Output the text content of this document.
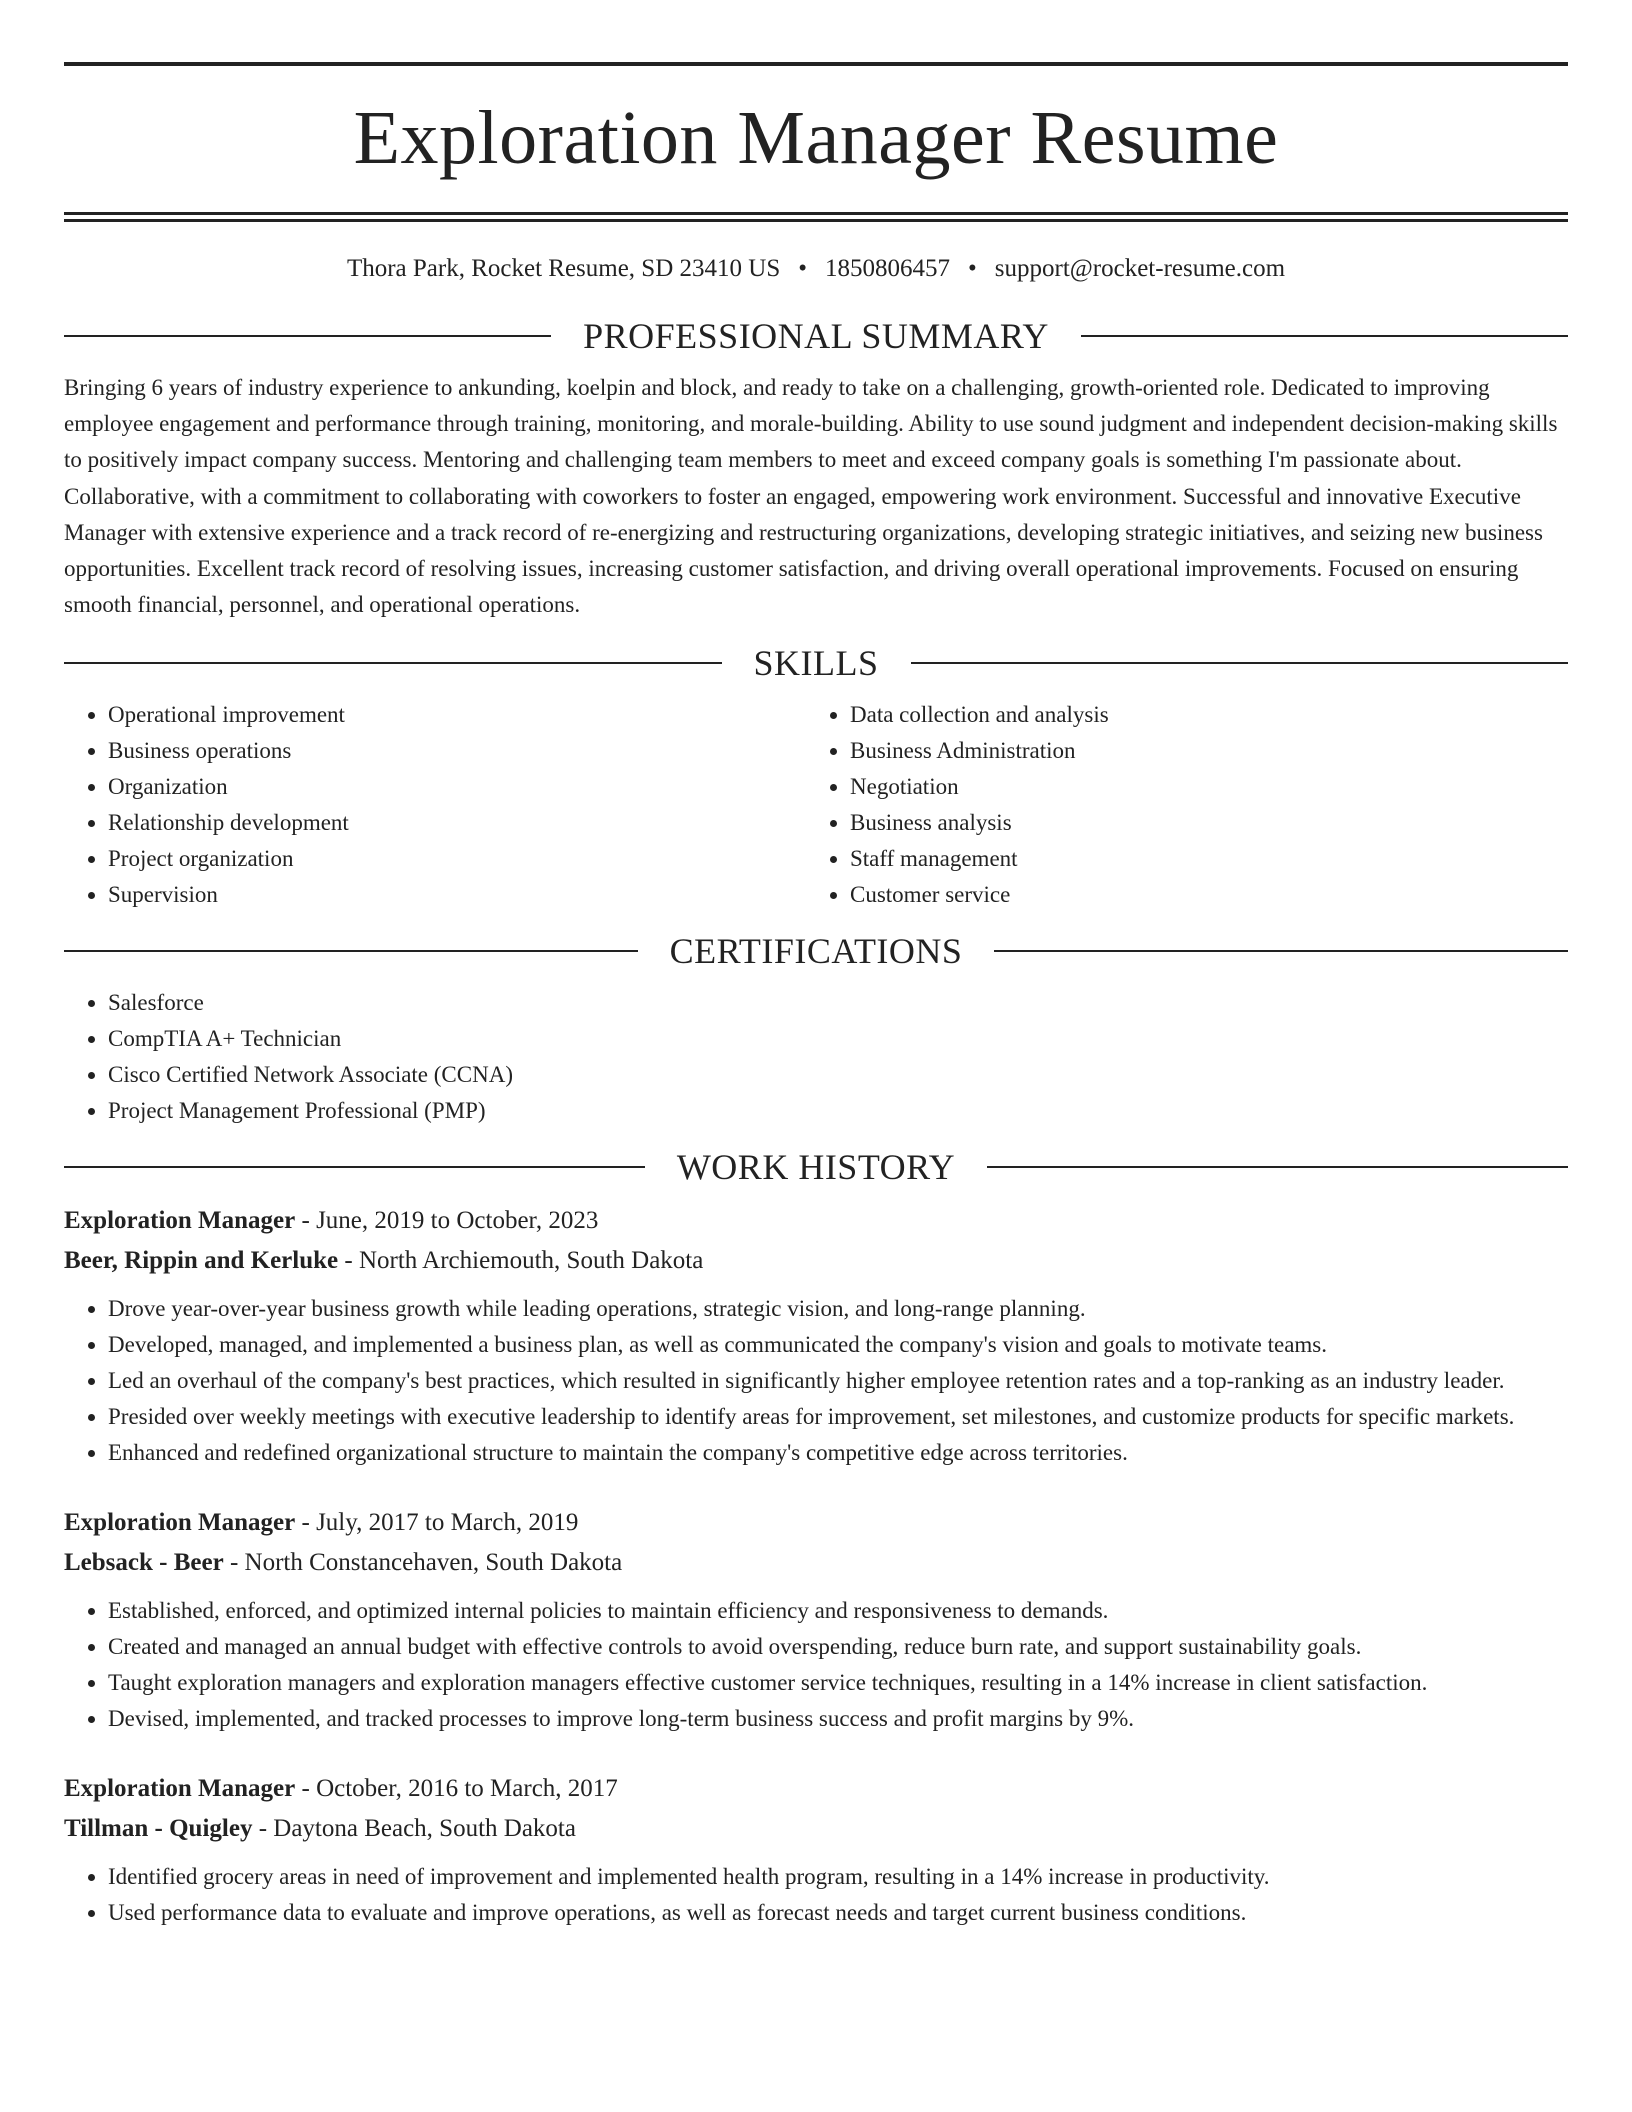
Exploration Manager Resume
Thora Park, Rocket Resume, SD 23410 US • 1850806457 • support@rocket-resume.com
PROFESSIONAL SUMMARY

Bringing 6 years of industry experience to ankunding, koelpin and block, and ready to take on a challenging, growth-oriented role. Dedicated to improving employee engagement and performance through training, monitoring, and morale-building. Ability to use sound judgment and independent decision-making skills to positively impact company success. Mentoring and challenging team members to meet and exceed company goals is something I'm passionate about. Collaborative, with a commitment to collaborating with coworkers to foster an engaged, empowering work environment. Successful and innovative Executive Manager with extensive experience and a track record of re-energizing and restructuring organizations, developing strategic initiatives, and seizing new business opportunities. Excellent track record of resolving issues, increasing customer satisfaction, and driving overall operational improvements. Focused on ensuring smooth financial, personnel, and operational operations.

SKILLS
• Operational improvement
• Business operations
• Organization
• Relationship development
• Project organization
• Supervision
• Data collection and analysis
• Business Administration
• Negotiation
• Business analysis
• Staff management
• Customer service
CERTIFICATIONS
• Salesforce
• CompTIA A+ Technician
• Cisco Certified Network Associate (CCNA)
• Project Management Professional (PMP)
WORK HISTORY
Exploration Manager - June, 2019 to October, 2023
Beer, Rippin and Kerluke - North Archiemouth, South Dakota
• Drove year-over-year business growth while leading operations, strategic vision, and long-range planning.
• Developed, managed, and implemented a business plan, as well as communicated the company's vision and goals to motivate teams.
• Led an overhaul of the company's best practices, which resulted in significantly higher employee retention rates and a top-ranking as an industry leader.
• Presided over weekly meetings with executive leadership to identify areas for improvement, set milestones, and customize products for specific markets.
• Enhanced and redefined organizational structure to maintain the company's competitive edge across territories.
Exploration Manager - July, 2017 to March, 2019
Lebsack - Beer - North Constancehaven, South Dakota
• Established, enforced, and optimized internal policies to maintain efficiency and responsiveness to demands.
• Created and managed an annual budget with effective controls to avoid overspending, reduce burn rate, and support sustainability goals.
• Taught exploration managers and exploration managers effective customer service techniques, resulting in a 14% increase in client satisfaction.
• Devised, implemented, and tracked processes to improve long-term business success and profit margins by 9%.
Exploration Manager - October, 2016 to March, 2017
Tillman - Quigley - Daytona Beach, South Dakota
• Identified grocery areas in need of improvement and implemented health program, resulting in a 14% increase in productivity.
• Used performance data to evaluate and improve operations, as well as forecast needs and target current business conditions.
